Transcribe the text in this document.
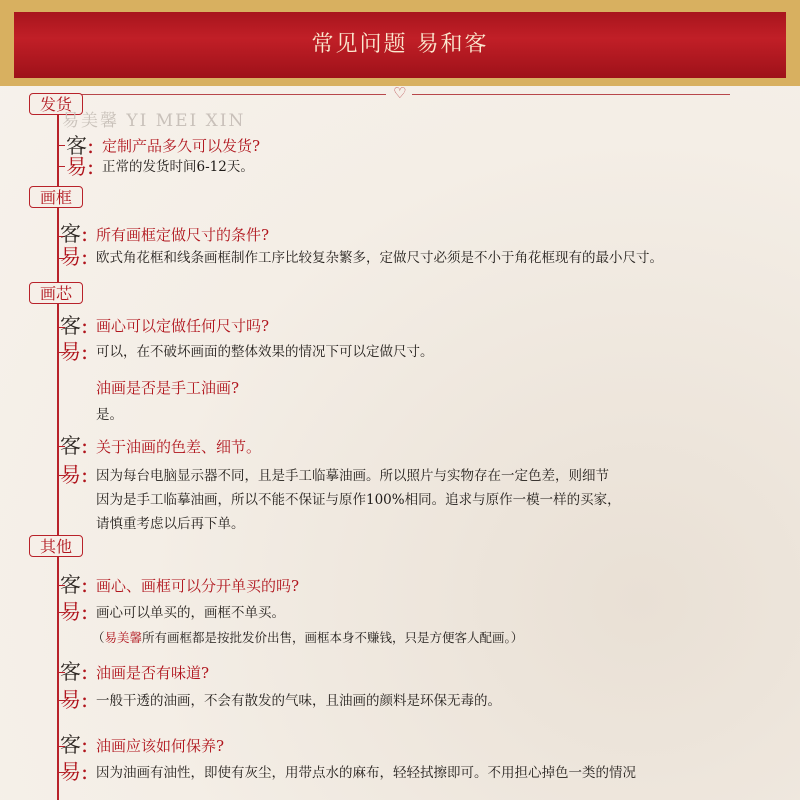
常见问题 易和客
♡
发货
画框
画芯
其他
易美馨 YI MEI XIN
客: 定制产品多久可以发货?
易: 正常的发货时间6-12天。
客: 所有画框定做尺寸的条件?
易: 欧式角花框和线条画框制作工序比较复杂繁多，定做尺寸必须是不小于角花框现有的最小尺寸。
客: 画心可以定做任何尺寸吗?
易: 可以，在不破坏画面的整体效果的情况下可以定做尺寸。
油画是否是手工油画?
是。
客: 关于油画的色差、细节。
易: 因为每台电脑显示器不同，且是手工临摹油画。所以照片与实物存在一定色差，则细节
因为是手工临摹油画，所以不能不保证与原作100%相同。追求与原作一模一样的买家，
请慎重考虑以后再下单。
客: 画心、画框可以分开单买的吗?
易: 画心可以单买的，画框不单买。
（易美馨所有画框都是按批发价出售，画框本身不赚钱，只是方便客人配画。）
客: 油画是否有味道?
易: 一般干透的油画，不会有散发的气味，且油画的颜料是环保无毒的。
客: 油画应该如何保养?
易: 因为油画有油性，即使有灰尘，用带点水的麻布，轻轻拭擦即可。不用担心掉色一类的情况
